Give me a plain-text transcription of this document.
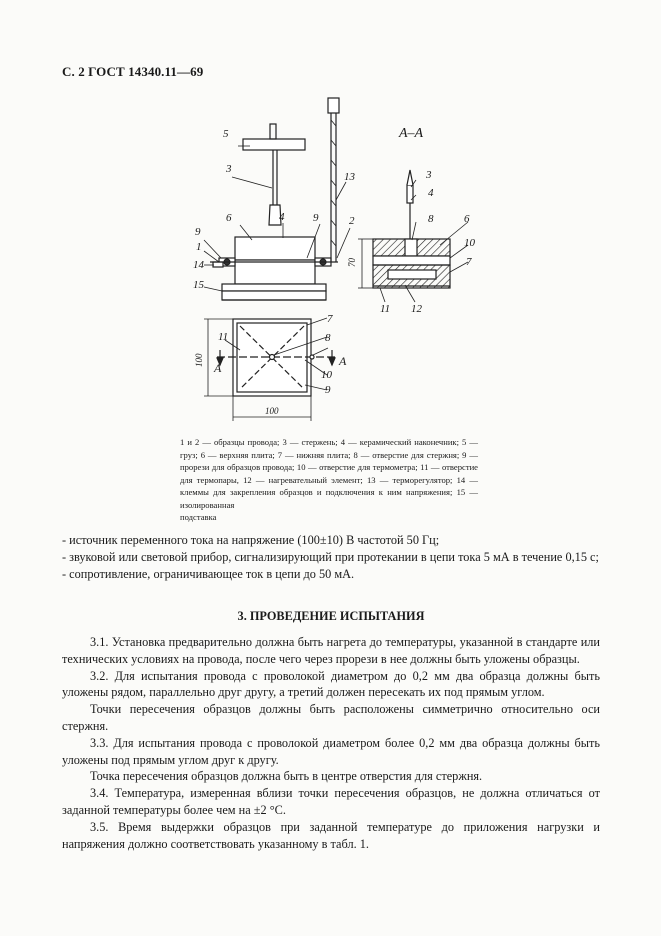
С. 2 ГОСТ 14340.11—69
5
3
6	4	9	2
13
9
1
14
15
А–А
3
4
8	6
10
7
11 12
70
7
8
11
10
9
А	А
100
100
1 и 2 — образцы провода; 3 — стержень; 4 — керамический наконечник; 5 — груз; 6 — верхняя плита; 7 — нижняя плита; 8 — отверстие для стержня; 9 — прорези для образцов провода; 10 — отверстие для термометра; 11 — отверстие для термопары, 12 — нагревательный элемент; 13 — терморегулятор; 14 — клеммы для закрепления образцов и подключения к ним напряжения; 15 — изолированная
подставка

- источник переменного тока на напряжение (100±10) В частотой 50 Гц;

- звуковой или световой прибор, сигнализирующий при протекании в цепи тока 5 мА в течение 0,15 с;

- сопротивление, ограничивающее ток в цепи до 50 мА.

3. ПРОВЕДЕНИЕ ИСПЫТАНИЯ

3.1. Установка предварительно должна быть нагрета до температуры, указанной в стандарте или технических условиях на провода, после чего через прорези в нее должны быть уложены образцы.

3.2. Для испытания провода с проволокой диаметром до 0,2 мм два образца должны быть уложены рядом, параллельно друг другу, а третий должен пересекать их под прямым углом.

Точки пересечения образцов должны быть расположены симметрично относительно оси стержня.

3.3. Для испытания провода с проволокой диаметром более 0,2 мм два образца должны быть уложены под прямым углом друг к другу.

Точка пересечения образцов должна быть в центре отверстия для стержня.

3.4. Температура, измеренная вблизи точки пересечения образцов, не должна отличаться от заданной температуры более чем на ±2 °С.

3.5. Время выдержки образцов при заданной температуре до приложения нагрузки и напряжения должно соответствовать указанному в табл. 1.
